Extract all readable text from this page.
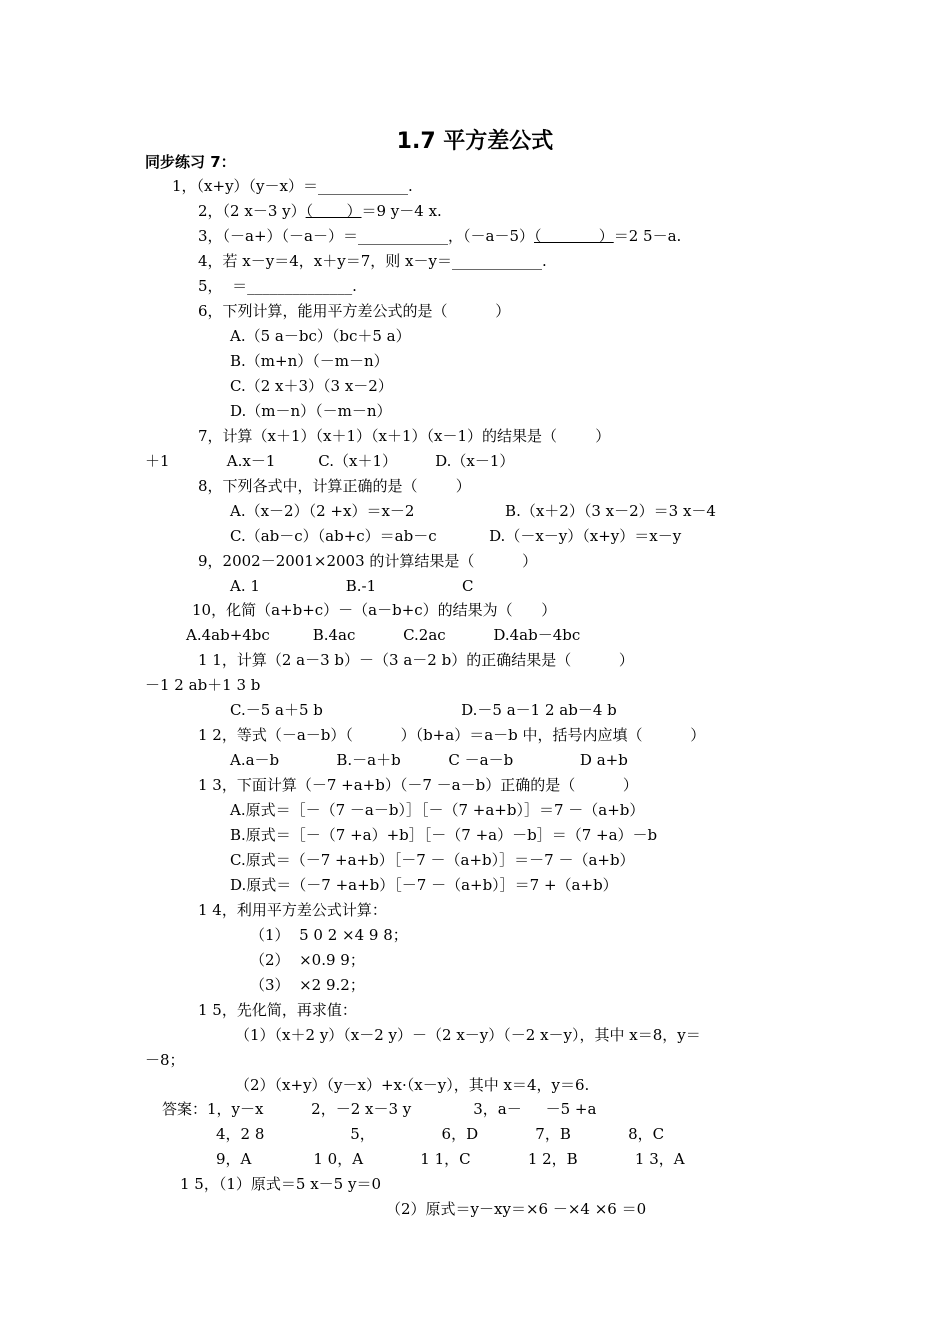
1.7 平方差公式
同步练习 7：
1，（x+y）（y－x）＝____________.
2，（2 x－3 y）（       ）＝9 y－4 x.
3，（－a+）（－a－）＝____________，（－a－5）（            ）＝2 5－a.
4，若 x－y＝4，x＋y＝7，则 x－y＝____________.
5，  ＝______________.
6，下列计算，能用平方差公式的是（          ）
A.（5 a－bc）（bc＋5 a）
B.（m+n）（－m－n）
C.（2 x＋3）（3 x－2）
D.（m－n）（－m－n）
7，计算（x＋1）（x＋1）（x＋1）（x－1）的结果是（        ）
＋1            A.x－1         C.（x＋1）        D.（x－1）
8，下列各式中，计算正确的是（        ）
A.（x－2）（2 +x）＝x－2                   B.（x＋2）（3 x－2）＝3 x－4
C.（ab－c）（ab+c）＝ab－c           D.（－x－y）（x+y）＝x－y
9，2002－2001×2003 的计算结果是（          ）
A. 1                  B.-1                  C
10，化简（a+b+c）－（a－b+c）的结果为（      ）
A.4ab+4bc         B.4ac          C.2ac          D.4ab－4bc
1 1，计算（2 a－3 b）－（3 a－2 b）的正确结果是（          ）
－1 2 ab＋1 3 b
C.－5 a＋5 b                             D.－5 a－1 2 ab－4 b
1 2，等式（－a－b）（          ）（b+a）＝a－b 中，括号内应填（          ）
A.a－b            B.－a＋b          C －a－b              D a+b
1 3，下面计算（－7 +a+b）（－7 －a－b）正确的是（          ）
A.原式＝［－（7 －a－b）］［－（7 +a+b）］＝7 －（a+b）
B.原式＝［－（7 +a）+b］［－（7 +a）－b］＝（7 +a）－b
C.原式＝（－7 +a+b）［－7 －（a+b）］＝－7 －（a+b）
D.原式＝（－7 +a+b）［－7 －（a+b）］＝7 +（a+b）
1 4，利用平方差公式计算：
（1）  5 0 2 ×4 9 8；
（2）  ×0.9 9；
（3）  ×2 9.2；
1 5，先化简，再求值：
（1）（x＋2 y）（x－2 y）－（2 x－y）（－2 x－y），其中 x＝8，y＝
－8；
（2）（x+y）（y－x）+x·（x－y），其中 x＝4，y＝6.
答案：1，y－x          2，－2 x－3 y             3，a－     －5 +a
4，2 8                  5，              6，D            7，B            8，C
9，A             1 0，A            1 1，C            1 2，B            1 3，A
1 5，（1）原式＝5 x－5 y＝0
（2）原式＝y－xy＝×6 －×4 ×6 ＝0
